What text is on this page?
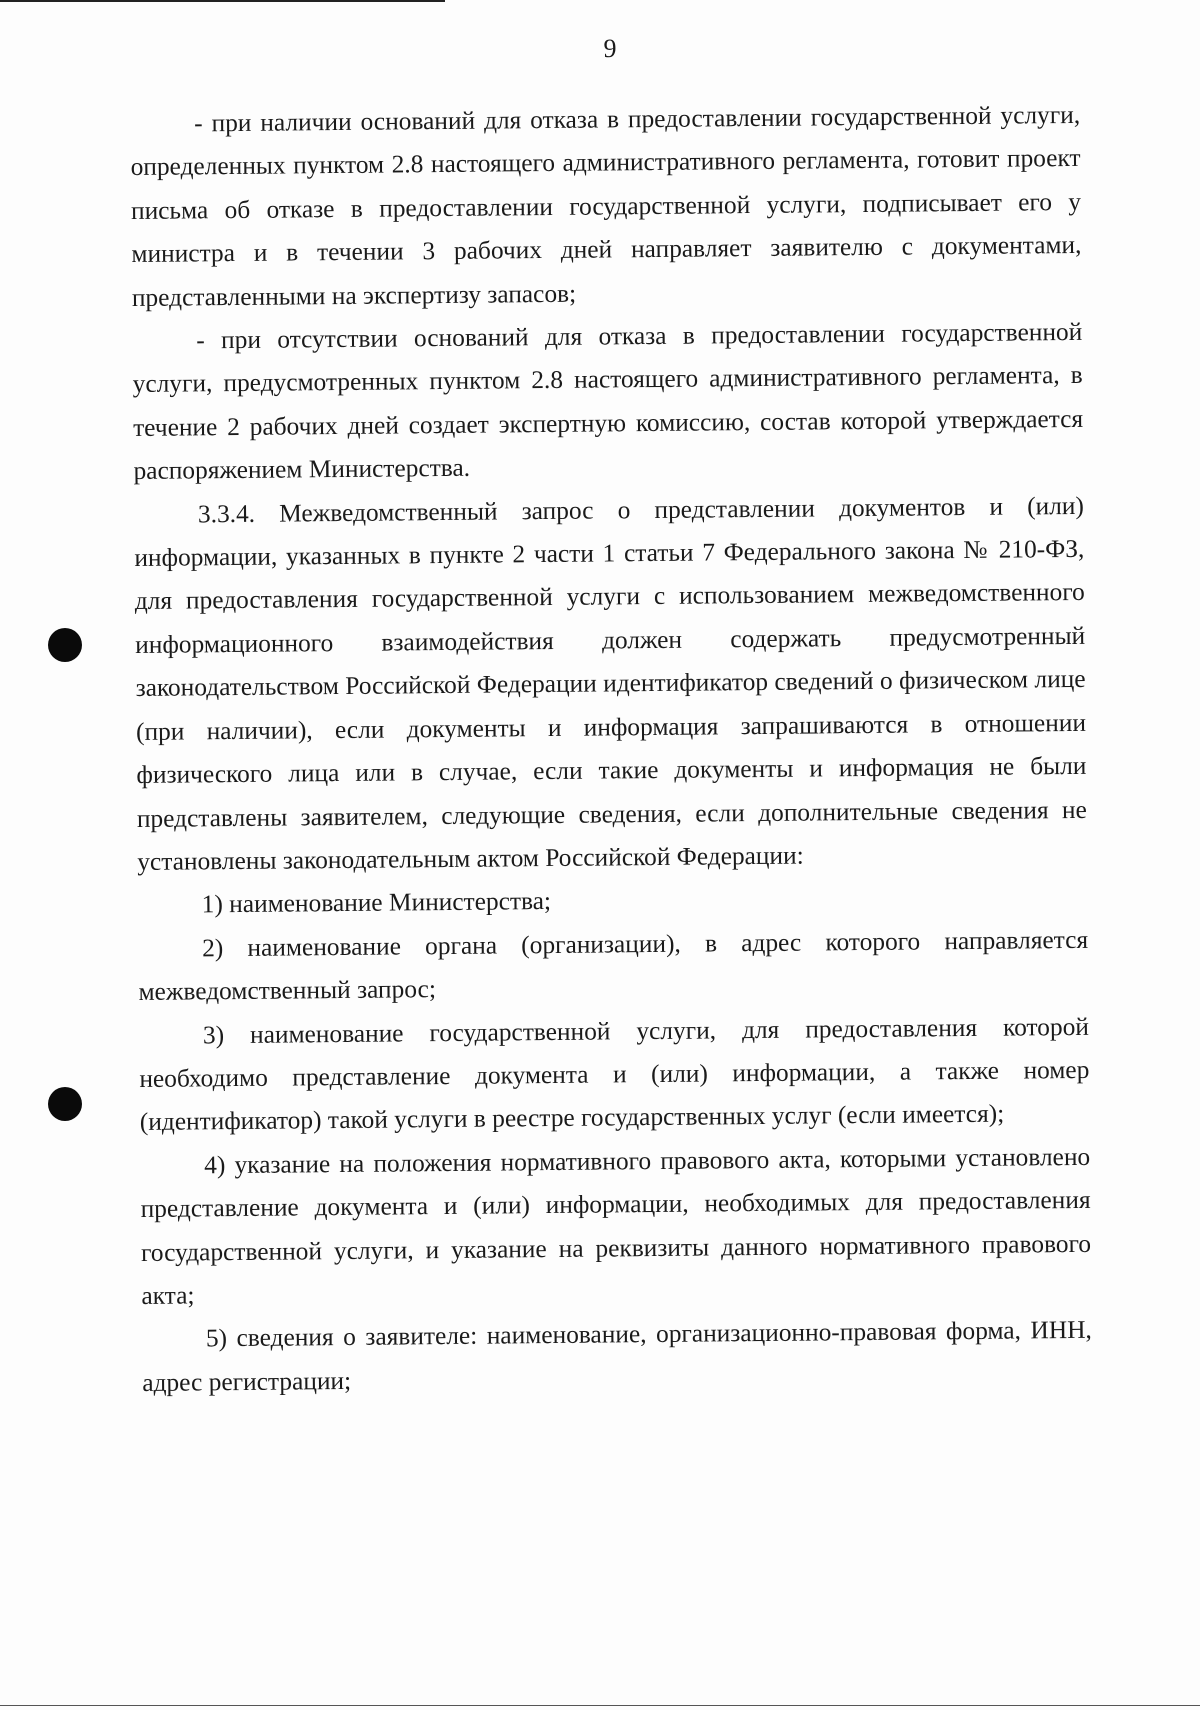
9

- при наличии оснований для отказа в предоставлении государственной услуги, определенных пунктом 2.8 настоящего административного регламента, готовит проект письма об отказе в предоставлении государственной услуги, подписывает его у министра и в течении 3 рабочих дней направляет заявителю с документами, представленными на экспертизу запасов;

- при отсутствии оснований для отказа в предоставлении государственной услуги, предусмотренных пунктом 2.8 настоящего административного регламента, в течение 2 рабочих дней создает экспертную комиссию, состав которой утверждается распоряжением Министерства.

3.3.4. Межведомственный запрос о представлении документов и (или) информации, указанных в пункте 2 части 1 статьи 7 Федерального закона № 210-ФЗ, для предоставления государственной услуги с использованием межведомственного информационного взаимодействия должен содержать предусмотренный законодательством Российской Федерации идентификатор сведений о физическом лице (при наличии), если документы и информация запрашиваются в отношении физического лица или в случае, если такие документы и информация не были представлены заявителем, следующие сведения, если дополнительные сведения не установлены законодательным актом Российской Федерации:

1) наименование Министерства;

2) наименование органа (организации), в адрес которого направляется межведомственный запрос;

3) наименование государственной услуги, для предоставления которой необходимо представление документа и (или) информации, а также номер (идентификатор) такой услуги в реестре государственных услуг (если имеется);

4) указание на положения нормативного правового акта, которыми установлено представление документа и (или) информации, необходимых для предоставления государственной услуги, и указание на реквизиты данного нормативного правового акта;

5) сведения о заявителе: наименование, организационно-правовая форма, ИНН, адрес регистрации;
